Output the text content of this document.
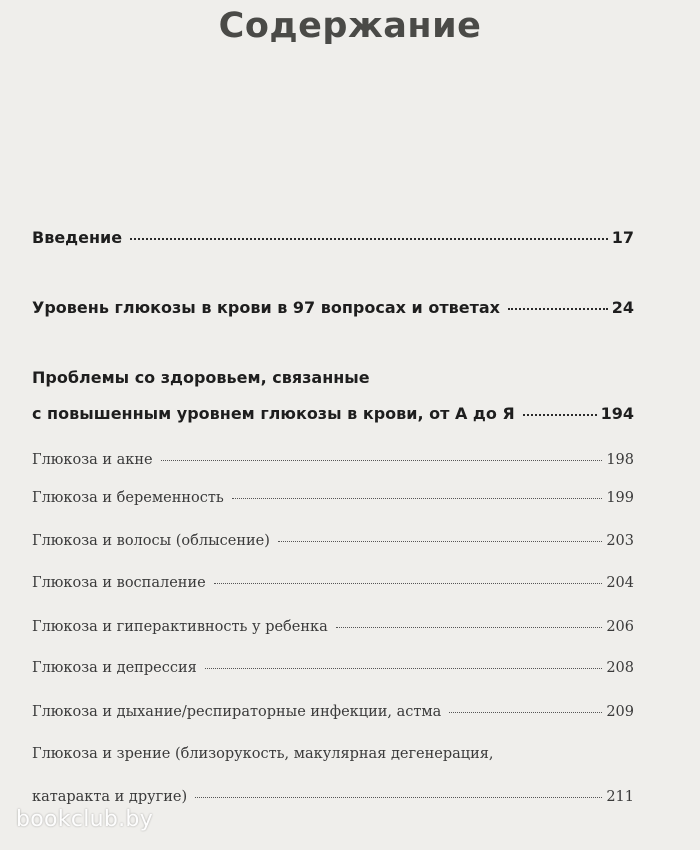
Содержание
Введение	17
Уровень глюкозы в крови в 97 вопросах и ответах	24
Проблемы со здоровьем, связанные
с повышенным уровнем глюкозы в крови, от А до Я	194
Глюкоза и акне	198
Глюкоза и беременность	199
Глюкоза и волосы (облысение)	203
Глюкоза и воспаление	204
Глюкоза и гиперактивность у ребенка	206
Глюкоза и депрессия	208
Глюкоза и дыхание/респираторные инфекции, астма	209
Глюкоза и зрение (близорукость, макулярная дегенерация,
катаракта и другие)	211
bookclub.by
